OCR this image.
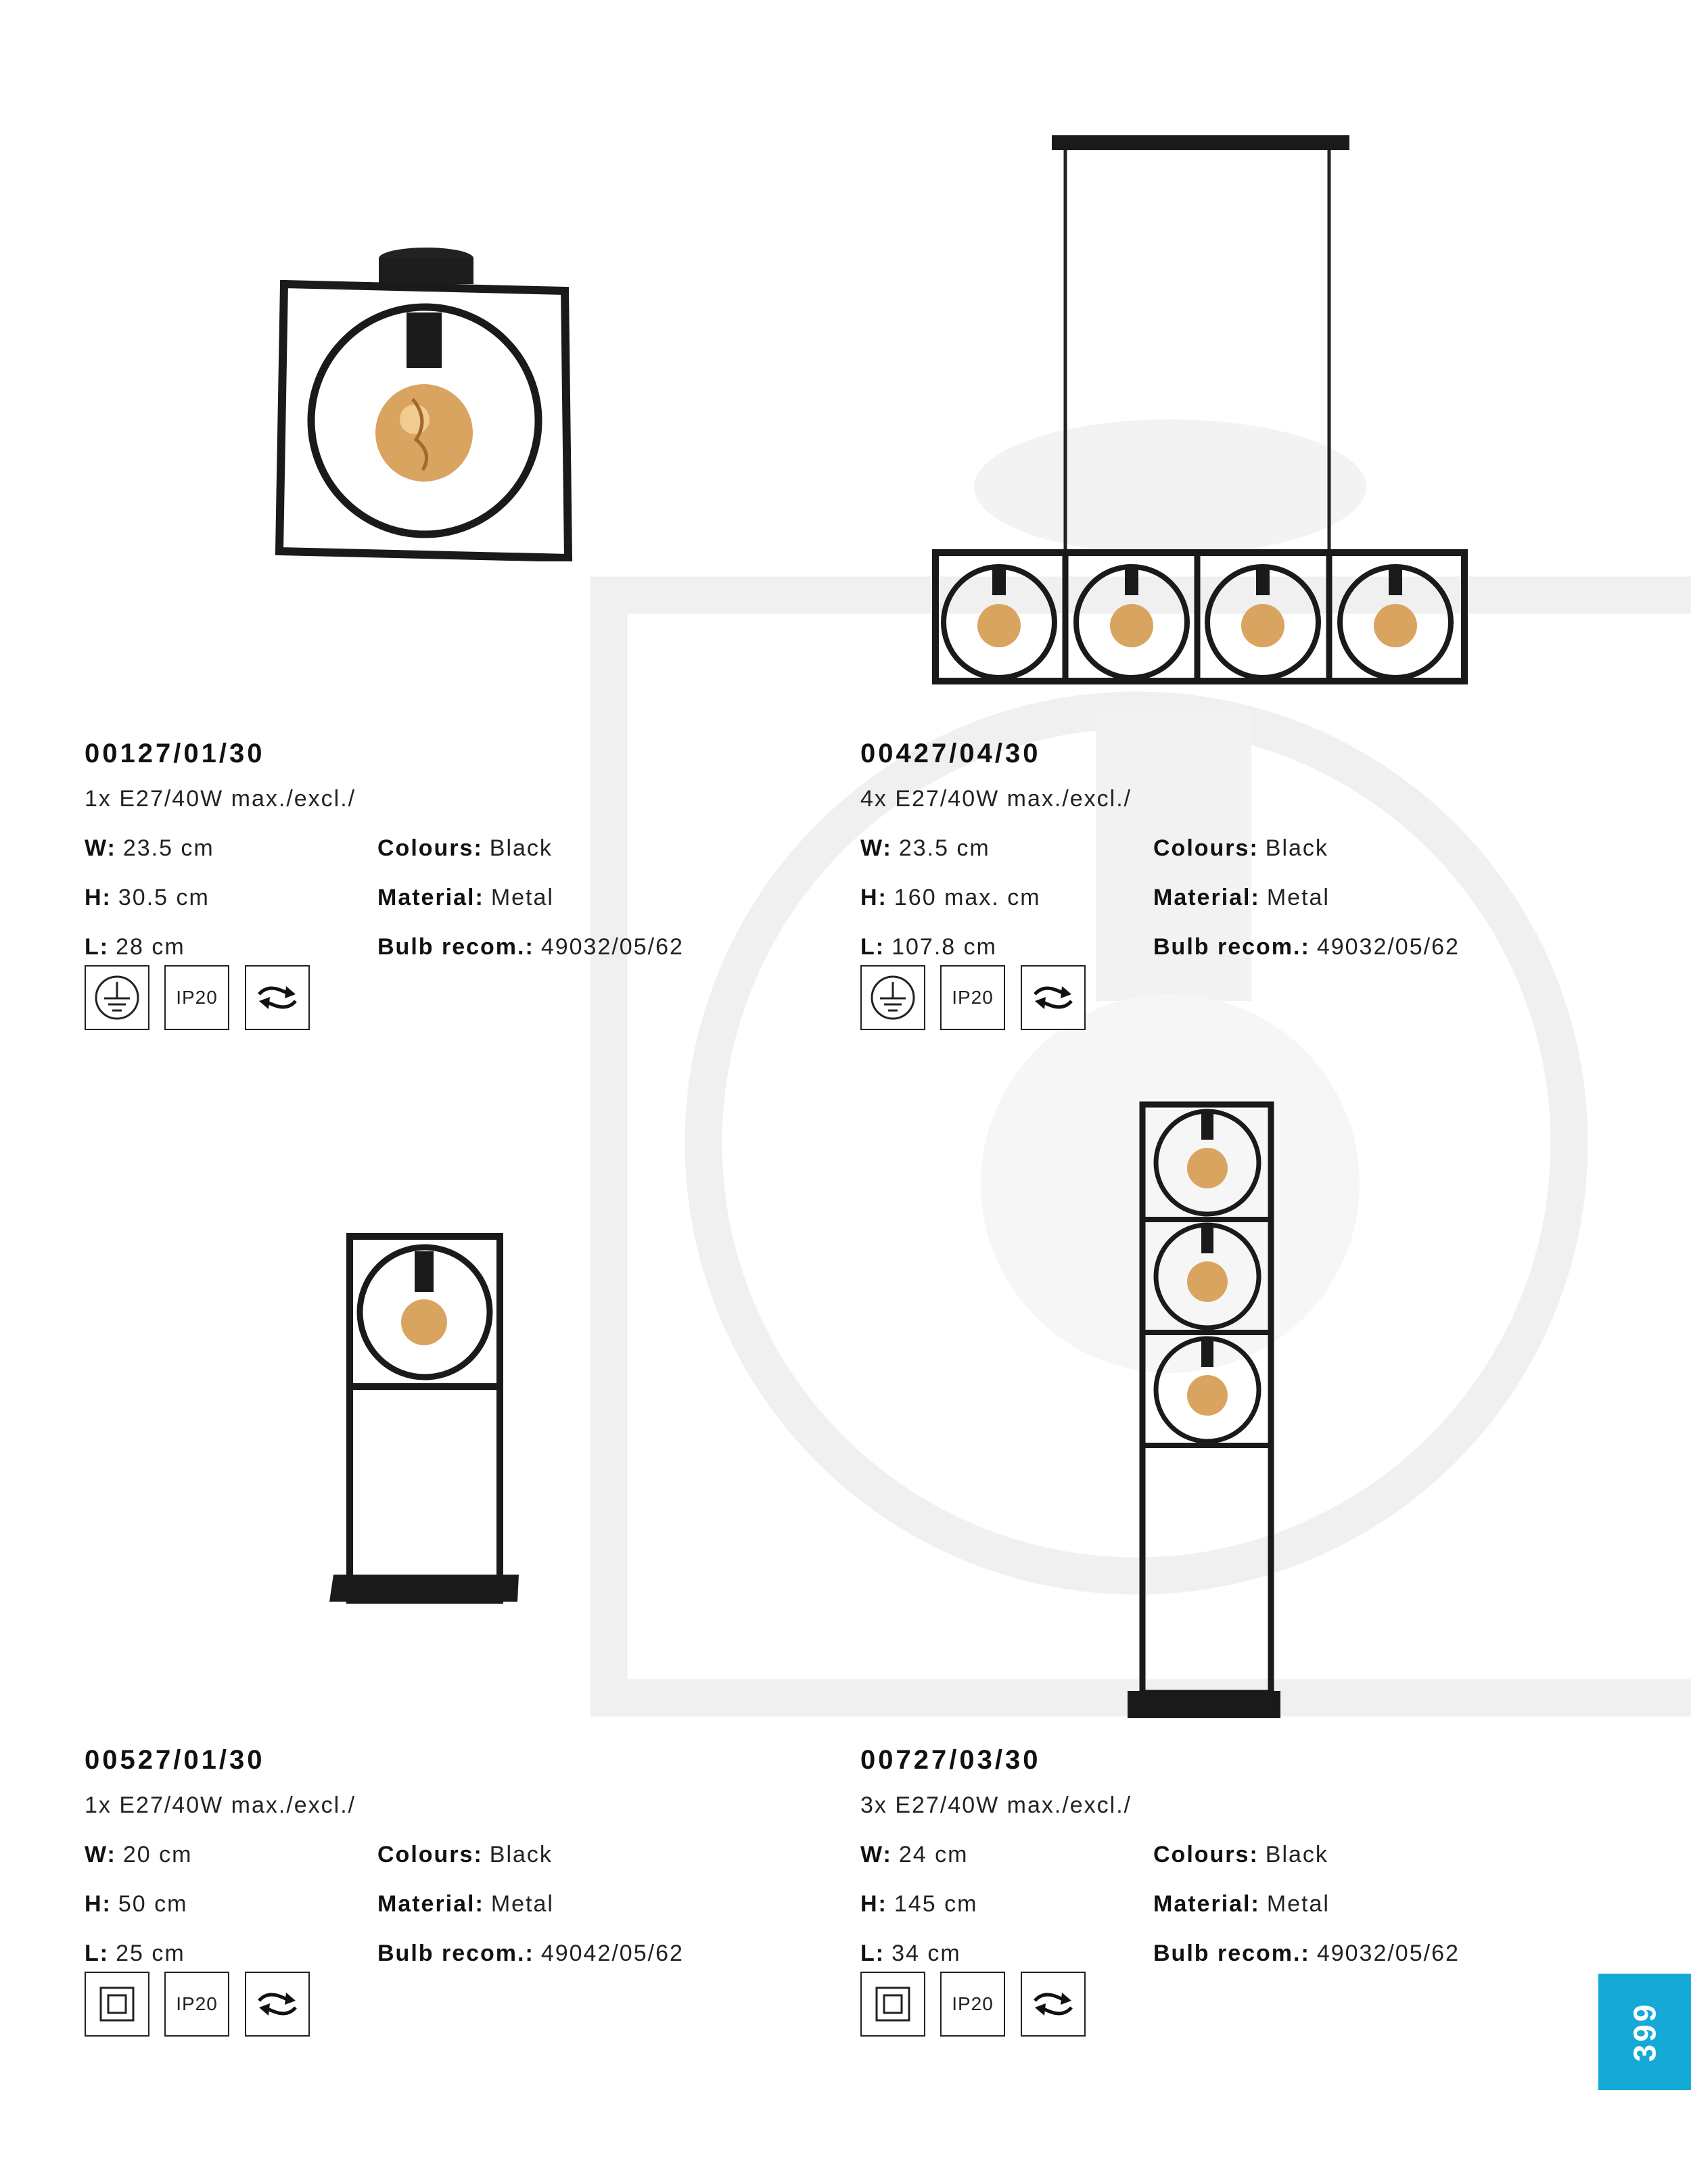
00127/01/30
1x E27/40W max./excl./
W: 23.5 cm
H: 30.5 cm
L: 28 cm
Colours: Black
Material: Metal
Bulb recom.: 49032/05/62
IP20
00427/04/30
4x E27/40W max./excl./
W: 23.5 cm
H: 160 max. cm
L: 107.8 cm
Colours: Black
Material: Metal
Bulb recom.: 49032/05/62
IP20
00527/01/30
1x E27/40W max./excl./
W: 20 cm
H: 50 cm
L: 25 cm
Colours: Black
Material: Metal
Bulb recom.: 49042/05/62
IP20
00727/03/30
3x E27/40W max./excl./
W: 24 cm
H: 145 cm
L: 34 cm
Colours: Black
Material: Metal
Bulb recom.: 49032/05/62
IP20	399
